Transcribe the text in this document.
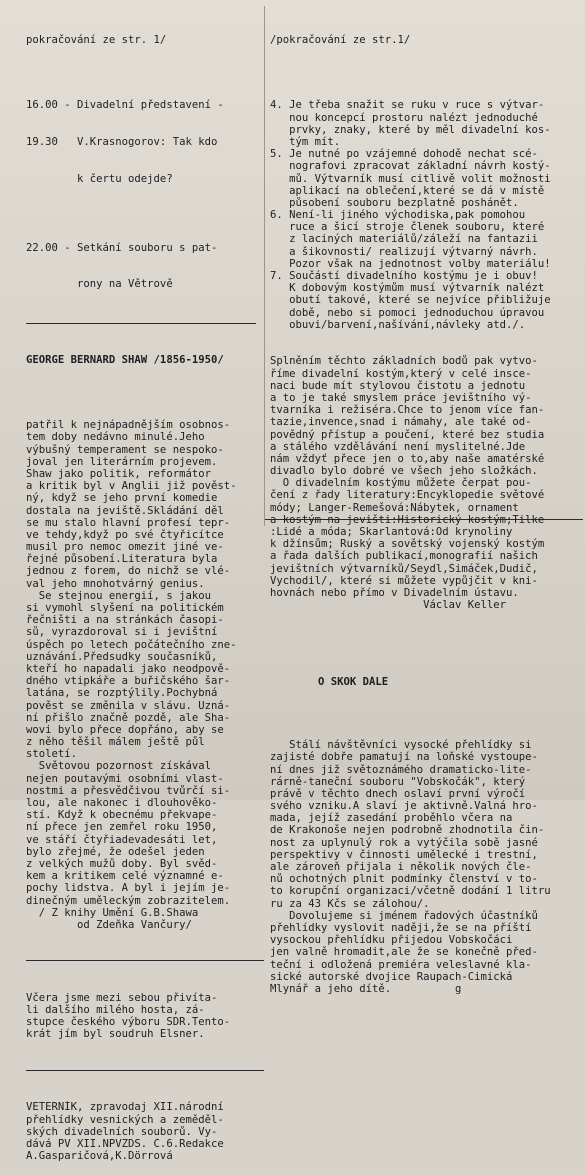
pokračování ze str. 1/

16.00 - Divadelní představení -

19.30   V.Krasnogorov: Tak kdo

k čertu odejde?

22.00 - Setkání souboru s pat-

rony na Větrově

GEORGE BERNARD SHAW /1856-1950/

patřil k nejnápadnějším osobnos-
tem doby nedávno minulé.Jeho
výbušný temperament se nespoko-
joval jen literárním projevem.
Shaw jako politik, reformátor
a kritik byl v Anglii již pověst-
ný, když se jeho první komedie
dostala na jeviště.Skládání děl
se mu stalo hlavní profesí tepr-
ve tehdy,když po své čtyřicítce
musil pro nemoc omezit jiné ve-
řejné působení.Literatura byla
jednou z forem, do nichž se vlé-
val jeho mnohotvárný genius.
Se stejnou energií, s jakou
si vymohl slyšení na politickém
řečništi a na stránkách časopi-
sů, vyrazdoroval si i jevištní
úspěch po letech počátečního zne-
uznávání.Předsudky současníků,
kteří ho napadali jako neodpově-
dného vtipkáře a buřičského šar-
latána, se rozptýlily.Pochybná
pověst se změnila v slávu. Uzná-
ní přišlo značně pozdě, ale Sha-
wovi bylo přece dopřáno, aby se
z něho těšil málem ještě půl
století.
Světovou pozornost získával
nejen poutavými osobními vlast-
nostmi a přesvědčivou tvůrčí si-
lou, ale nakonec i dlouhověko-
stí. Když k obecnému překvape-
ní přece jen zemřel roku 1950,
ve stáří čtyřiadevadesáti let,
bylo zřejmé, že odešel jeden
z velkých mužů doby. Byl svěd-
kem a kritikem celé významné e-
pochy lidstva. A byl i jejím je-
dinečným uměleckým zobrazitelem.
/ Z knihy Umění G.B.Shawa
od Zdeňka Vančury/

Včera jsme mezi sebou přivíta-
li dalšího milého hosta, zá-
stupce českého výboru SDR.Tento-
krát jím byl soudruh Elsner.

VETERNÍK, zpravodaj XII.národní
přehlídky vesnických a zeměděl-
ských divadelních souborů. Vy-
dává PV XII.NPVZDS. Č.6.Redakce
A.Gasparičová,K.Dörrová

/pokračování ze str.1/

4. Je třeba snažit se ruku v ruce s výtvar-
nou koncepcí prostoru nalézt jednoduché
prvky, znaky, které by měl divadelní kos-
tým mít.
5. Je nutné po vzájemné dohodě nechat scé-
nografovi zpracovat základní návrh kostý-
mů. Výtvarník musí citlivě volit možnosti
aplikací na oblečení,které se dá v místě
působení souboru bezplatně poshánět.
6. Není-li jiného východiska,pak pomohou
ruce a šicí stroje členek souboru, které
z laciných materiálů/záleží na fantazii
a šikovnosti/ realizují výtvarný návrh.
Pozor však na jednotnost volby materiálu!
7. Součástí divadelního kostýmu je i obuv!
K dobovým kostýmům musí výtvarník nalézt
obutí takové, které se nejvíce přibližuje
době, nebo si pomoci jednoduchou úpravou
obuvi/barvení,našívání,návleky atd./.

Splněním těchto základních bodů pak vytvo-
říme divadelní kostým,který v celé insce-
naci bude mít stylovou čistotu a jednotu
a to je také smyslem práce jevištního vý-
tvarníka i režiséra.Chce to jenom více fan-
tazie,invence,snad i námahy, ale také od-
povědný přístup a poučení, které bez studia
a stálého vzdělávání není myslitelné.Jde
nám vždyť přece jen o to,aby naše amatérské
divadlo bylo dobré ve všech jeho složkách.
O divadelním kostýmu můžete čerpat pou-
čení z řady literatury:Encyklopedie světové
módy; Langer-Remešová:Nábytek, ornament
a kostým na jevišti:Historický kostým;Tilke
:Lidé a móda; Skarlantová:Od krynoliny
k džínsům; Ruský a sovětský vojenský kostým
a řada dalších publikací,monografií našich
jevištních výtvarníků/Seydl,Šimáček,Dudič,
Vychodil/, které si můžete vypůjčit v kni-
hovnách nebo přímo v Divadelním ústavu.
Václav Keller

O SKOK DÁLE

Stálí návštěvníci vysocké přehlídky si
zajisté dobře pamatují na loňské vystoupe-
ní dnes již světoznámého dramaticko-lite-
rárně-taneční souboru "Vobskočák", který
právě v těchto dnech oslaví první výročí
svého vzniku.A slaví je aktivně.Valná hro-
mada, jejíž zasedání proběhlo včera na
de Krakonoše nejen podrobně zhodnotila čin-
nost za uplynulý rok a vytýčila sobě jasné
perspektivy v činnosti umělecké i trestní,
ale zároveň přijala i několik nových čle-
nů ochotných plnit podmínky členství v to-
to korupční organizaci/včetně dodání 1 litru
ru za 43 Kčs se zálohou/.
Dovolujeme si jménem řadových účastníků
přehlídky vyslovit naději,že se na příští
vysockou přehlídku přijedou Vobskočáci
jen valně hromadit,ale že se konečně před-
teční i odložená premiéra veleslavné kla-
sické autorské dvojice Raupach-Cimická
Mlynář a jeho dítě.          g
